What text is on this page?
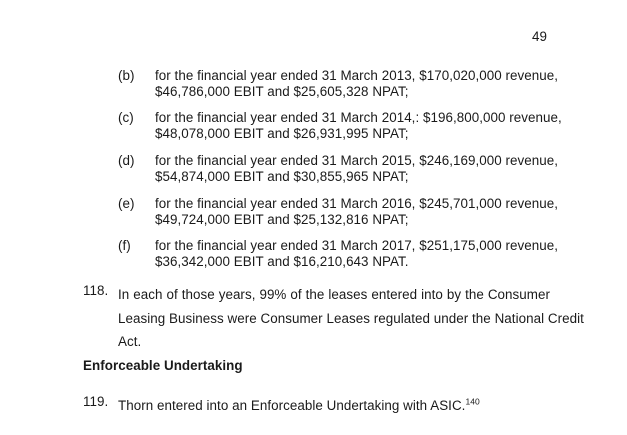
49
(b) for the financial year ended 31 March 2013, $170,020,000 revenue,
$46,786,000 EBIT and $25,605,328 NPAT;
(c) for the financial year ended 31 March 2014,: $196,800,000 revenue,
$48,078,000 EBIT and $26,931,995 NPAT;
(d) for the financial year ended 31 March 2015, $246,169,000 revenue,
$54,874,000 EBIT and $30,855,965 NPAT;
(e) for the financial year ended 31 March 2016, $245,701,000 revenue,
$49,724,000 EBIT and $25,132,816 NPAT;
(f) for the financial year ended 31 March 2017, $251,175,000 revenue,
$36,342,000 EBIT and $16,210,643 NPAT.
118. In each of those years, 99% of the leases entered into by the Consumer
Leasing Business were Consumer Leases regulated under the National Credit
Act.
Enforceable Undertaking
119. Thorn entered into an Enforceable Undertaking with ASIC.$^{140}$
